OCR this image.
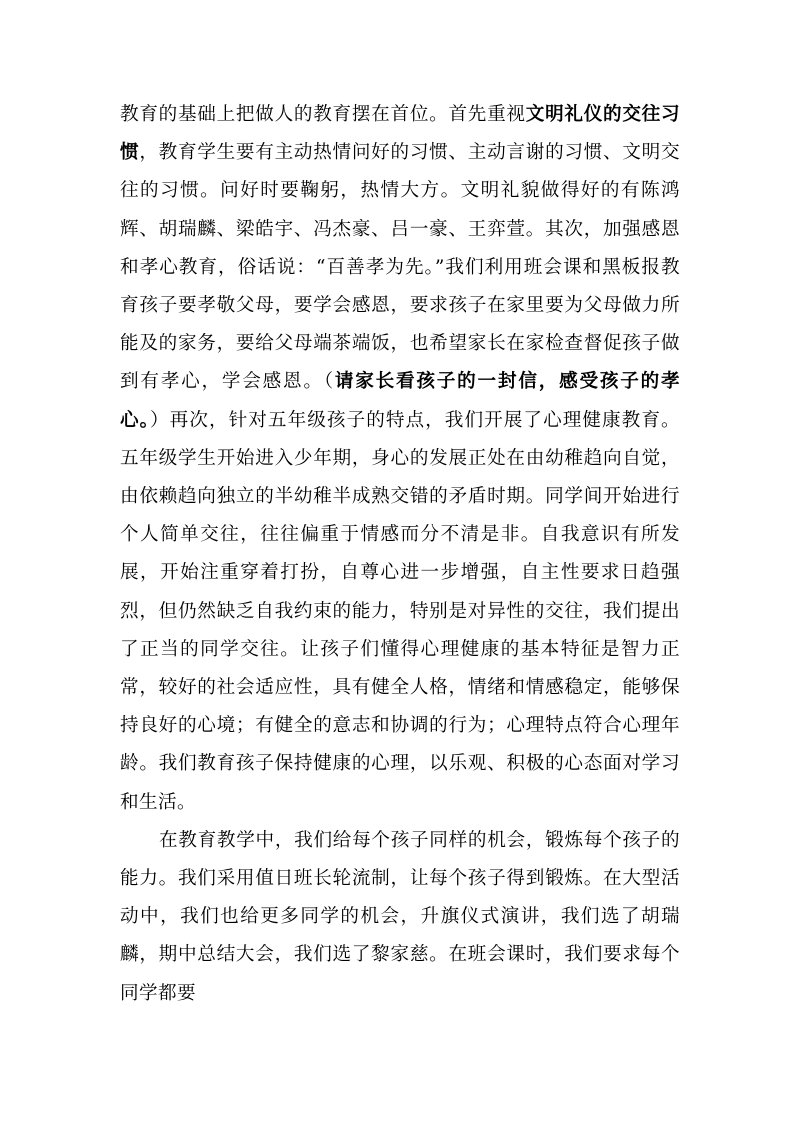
教育的基础上把做人的教育摆在首位。首先重视文明礼仪的交往习惯，教育学生要有主动热情问好的习惯、主动言谢的习惯、文明交往的习惯。问好时要鞠躬，热情大方。文明礼貌做得好的有陈鸿辉、胡瑞麟、梁皓宇、冯杰豪、吕一豪、王弈萱。其次，加强感恩和孝心教育，俗话说：“百善孝为先。”我们利用班会课和黑板报教育孩子要孝敬父母，要学会感恩，要求孩子在家里要为父母做力所能及的家务，要给父母端茶端饭，也希望家长在家检查督促孩子做到有孝心，学会感恩。（请家长看孩子的一封信，感受孩子的孝心。）再次，针对五年级孩子的特点，我们开展了心理健康教育。五年级学生开始进入少年期，身心的发展正处在由幼稚趋向自觉，由依赖趋向独立的半幼稚半成熟交错的矛盾时期。同学间开始进行个人简单交往，往往偏重于情感而分不清是非。自我意识有所发展，开始注重穿着打扮，自尊心进一步增强，自主性要求日趋强烈，但仍然缺乏自我约束的能力，特别是对异性的交往，我们提出了正当的同学交往。让孩子们懂得心理健康的基本特征是智力正常，较好的社会适应性，具有健全人格，情绪和情感稳定，能够保持良好的心境；有健全的意志和协调的行为；心理特点符合心理年龄。我们教育孩子保持健康的心理，以乐观、积极的心态面对学习和生活。

在教育教学中，我们给每个孩子同样的机会，锻炼每个孩子的能力。我们采用值日班长轮流制，让每个孩子得到锻炼。在大型活动中，我们也给更多同学的机会，升旗仪式演讲，我们选了胡瑞麟，期中总结大会，我们选了黎家慈。在班会课时，我们要求每个同学都要
